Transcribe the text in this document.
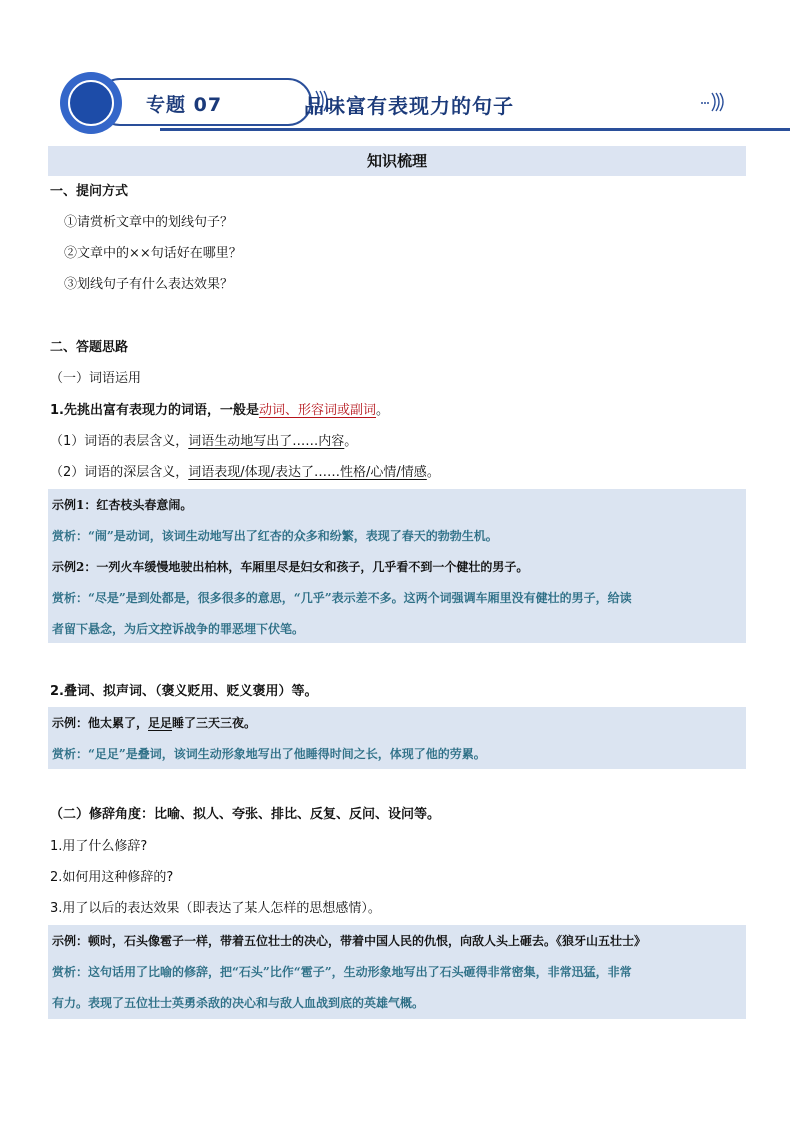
专题 07	品味富有表现力的句子
知识梳理
一、提问方式
①请赏析文章中的划线句子？
②文章中的××句话好在哪里？
③划线句子有什么表达效果？
二、答题思路
（一）词语运用
1.先挑出富有表现力的词语，一般是动词、形容词或副词。
（1）词语的表层含义，词语生动地写出了……内容。
（2）词语的深层含义，词语表现/体现/表达了……性格/心情/情感。
示例1：红杏枝头春意闹。
赏析：“闹”是动词，该词生动地写出了红杏的众多和纷繁，表现了春天的勃勃生机。
示例2：一列火车缓慢地驶出柏林，车厢里尽是妇女和孩子，几乎看不到一个健壮的男子。
赏析：“尽是”是到处都是，很多很多的意思，“几乎”表示差不多。这两个词强调车厢里没有健壮的男子，给读
者留下悬念，为后文控诉战争的罪恶埋下伏笔。
2.叠词、拟声词、（褒义贬用、贬义褒用）等。
示例：他太累了，足足睡了三天三夜。
赏析：“足足”是叠词，该词生动形象地写出了他睡得时间之长，体现了他的劳累。
（二）修辞角度：比喻、拟人、夸张、排比、反复、反问、设问等。
1.用了什么修辞?
2.如何用这种修辞的?
3.用了以后的表达效果（即表达了某人怎样的思想感情）。
示例：顿时，石头像雹子一样，带着五位壮士的决心，带着中国人民的仇恨，向敌人头上砸去。《狼牙山五壮士》
赏析：这句话用了比喻的修辞，把“石头”比作“雹子”，生动形象地写出了石头砸得非常密集，非常迅猛，非常
有力。表现了五位壮士英勇杀敌的决心和与敌人血战到底的英雄气概。
